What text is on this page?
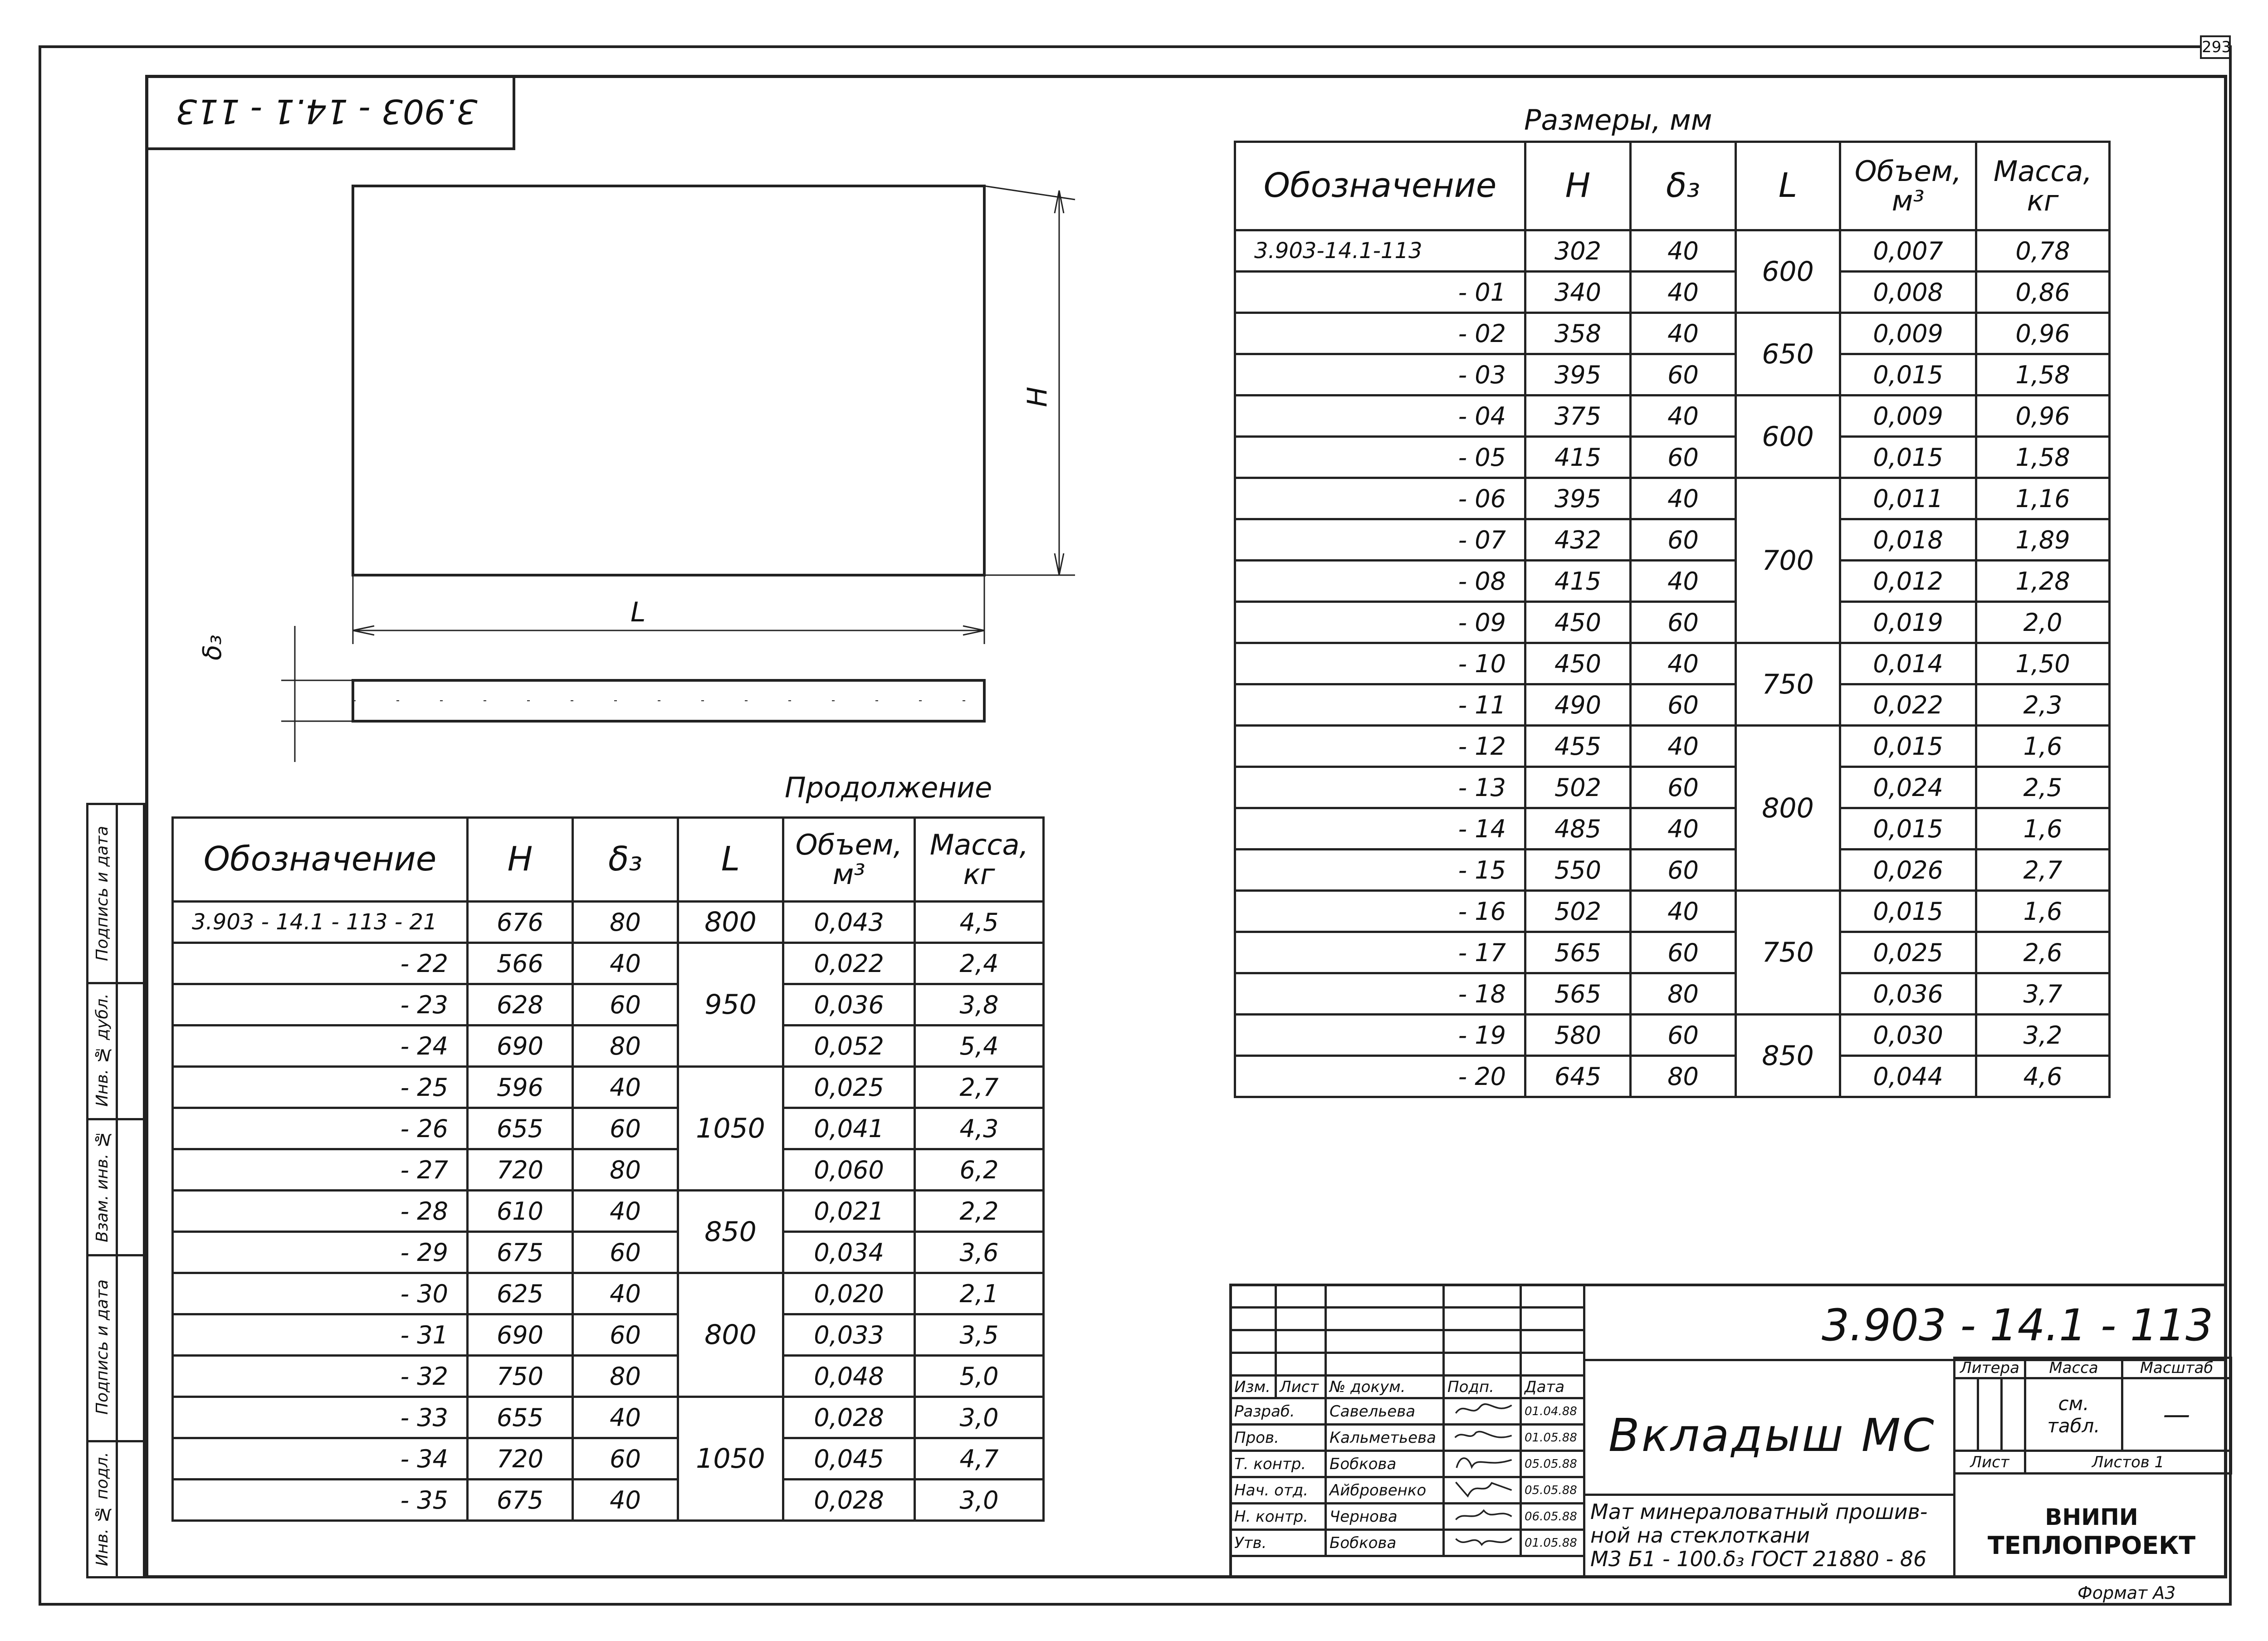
293
3.903 - 14.1 - 113
H
L
δ₃
Размеры, мм
Обозначение	H	δ₃	L	Объем, м³	Масса, кг
3.903-14.1-113	302	40	600	0,007	0,78
- 01	340	40		0,008	0,86
- 02	358	40	650	0,009	0,96
- 03	395	60		0,015	1,58
- 04	375	40	600	0,009	0,96
- 05	415	60		0,015	1,58
- 06	395	40	700	0,011	1,16
- 07	432	60		0,018	1,89
- 08	415	40		0,012	1,28
- 09	450	60		0,019	2,0
- 10	450	40	750	0,014	1,50
- 11	490	60		0,022	2,3
- 12	455	40	800	0,015	1,6
- 13	502	60		0,024	2,5
- 14	485	40		0,015	1,6
- 15	550	60		0,026	2,7
- 16	502	40	750	0,015	1,6
- 17	565	60		0,025	2,6
- 18	565	80		0,036	3,7
- 19	580	60	850	0,030	3,2
- 20	645	80		0,044	4,6
Продолжение
Обозначение	H	δ₃	L	Объем, м³	Масса, кг
3.903 - 14.1 - 113 - 21	676	80	800	0,043	4,5
- 22	566	40	950	0,022	2,4
- 23	628	60		0,036	3,8
- 24	690	80		0,052	5,4
- 25	596	40	1050	0,025	2,7
- 26	655	60		0,041	4,3
- 27	720	80		0,060	6,2
- 28	610	40	850	0,021	2,2
- 29	675	60		0,034	3,6
- 30	625	40	800	0,020	2,1
- 31	690	60		0,033	3,5
- 32	750	80		0,048	5,0
- 33	655	40	1050	0,028	3,0
- 34	720	60		0,045	4,7
- 35	675	40		0,028	3,0
Подпись и дата
Инв. № дубл.
Взам. инв. №
Подпись и дата
Инв. № подл.

Изм.	Лист	№ докум.	Подп.	Дата
Разраб.		Савельева		01.04.88
Пров.		Кальметьева		01.05.88
Т. контр.		Бобкова		05.05.88
Нач. отд.		Айбровенко		05.05.88
Н. контр.		Чернова		06.05.88
Утв.		Бобкова		01.05.88
3.903 - 14.1 - 113
Вкладыш МС
Мат минераловатный прошив-
ной на стеклоткани
М3 Б1 - 100.δ₃ ГОСТ 21880 - 86
Литера			Масса	Масштаб
			см. табл.	—
Лист			Листов 1	
ВНИПИ
ТЕПЛОПРОЕКТ
Формат А3
